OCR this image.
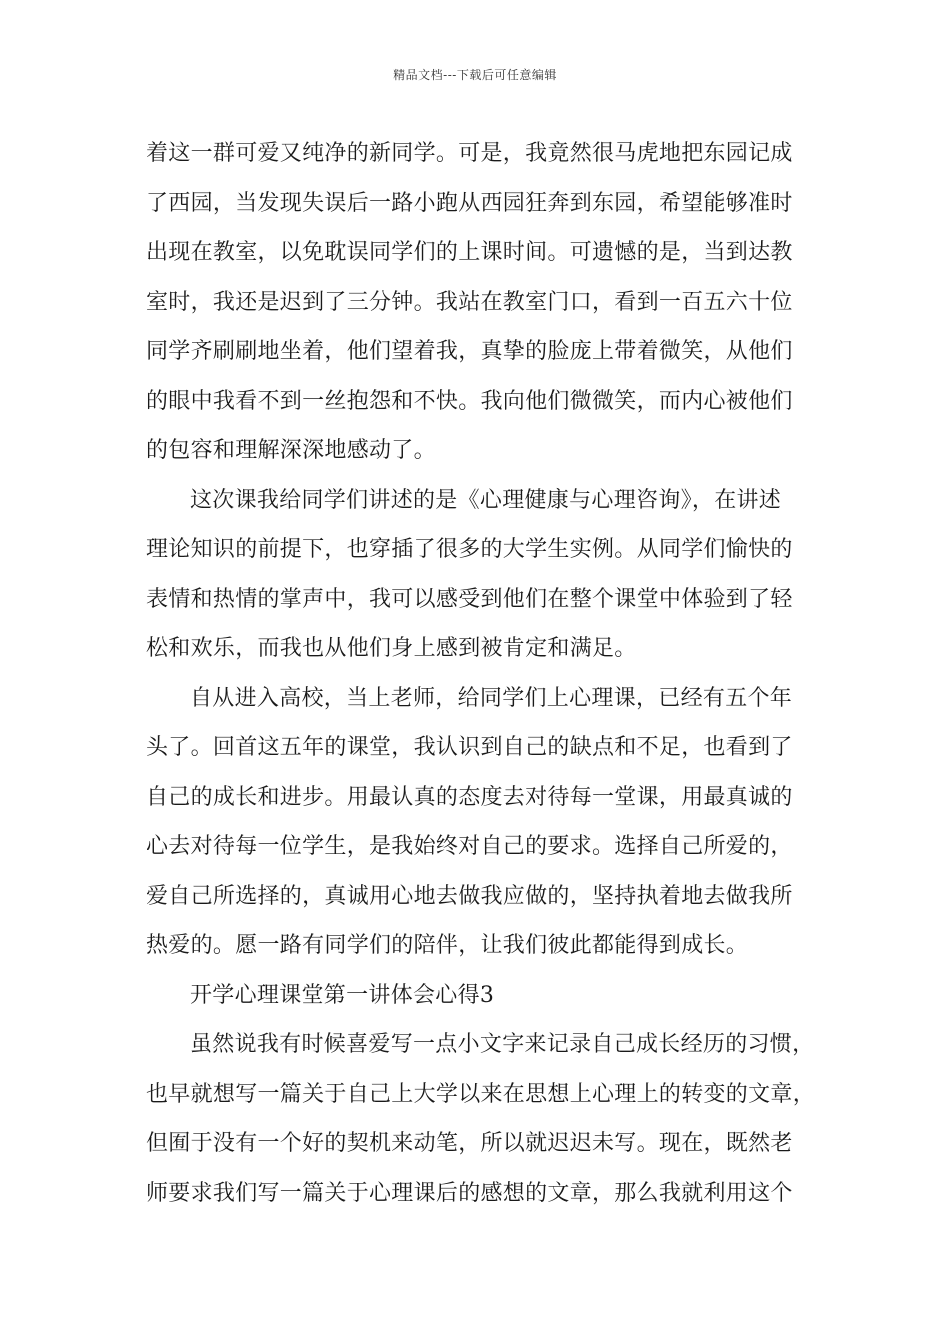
精品文档---下载后可任意编辑
着这一群可爱又纯净的新同学。可是，我竟然很马虎地把东园记成
了西园，当发现失误后一路小跑从西园狂奔到东园，希望能够准时
出现在教室，以免耽误同学们的上课时间。可遗憾的是，当到达教
室时，我还是迟到了三分钟。我站在教室门口，看到一百五六十位
同学齐刷刷地坐着，他们望着我，真挚的脸庞上带着微笑，从他们
的眼中我看不到一丝抱怨和不快。我向他们微微笑，而内心被他们
的包容和理解深深地感动了。
这次课我给同学们讲述的是《心理健康与心理咨询》，在讲述
理论知识的前提下，也穿插了很多的大学生实例。从同学们愉快的
表情和热情的掌声中，我可以感受到他们在整个课堂中体验到了轻
松和欢乐，而我也从他们身上感到被肯定和满足。
自从进入高校，当上老师，给同学们上心理课，已经有五个年
头了。回首这五年的课堂，我认识到自己的缺点和不足，也看到了
自己的成长和进步。用最认真的态度去对待每一堂课，用最真诚的
心去对待每一位学生，是我始终对自己的要求。选择自己所爱的，
爱自己所选择的，真诚用心地去做我应做的，坚持执着地去做我所
热爱的。愿一路有同学们的陪伴，让我们彼此都能得到成长。
开学心理课堂第一讲体会心得3
虽然说我有时候喜爱写一点小文字来记录自己成长经历的习惯，
也早就想写一篇关于自己上大学以来在思想上心理上的转变的文章，
但囿于没有一个好的契机来动笔，所以就迟迟未写。现在，既然老
师要求我们写一篇关于心理课后的感想的文章，那么我就利用这个
